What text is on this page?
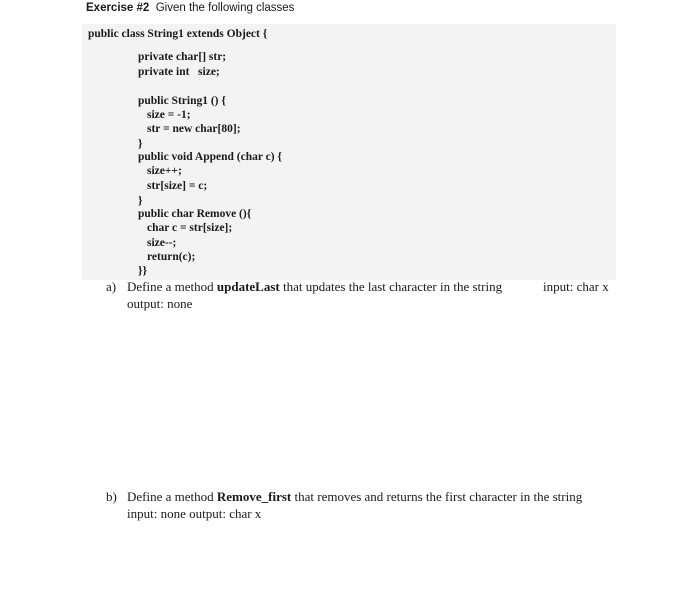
Exercise #2 Given the following classes
public class String1 extends Object {
private char[] str;
private int   size;
public String1 () {
size = -1;
str = new char[80];
}
public void Append (char c) {
size++;
str[size] = c;
}
public char Remove (){
char c = str[size];
size--;
return(c);
}}
a) Define a method updateLast that updates the last character in the string	input: char x
output: none
b) Define a method Remove_first that removes and returns the first character in the string
input: none output: char x
